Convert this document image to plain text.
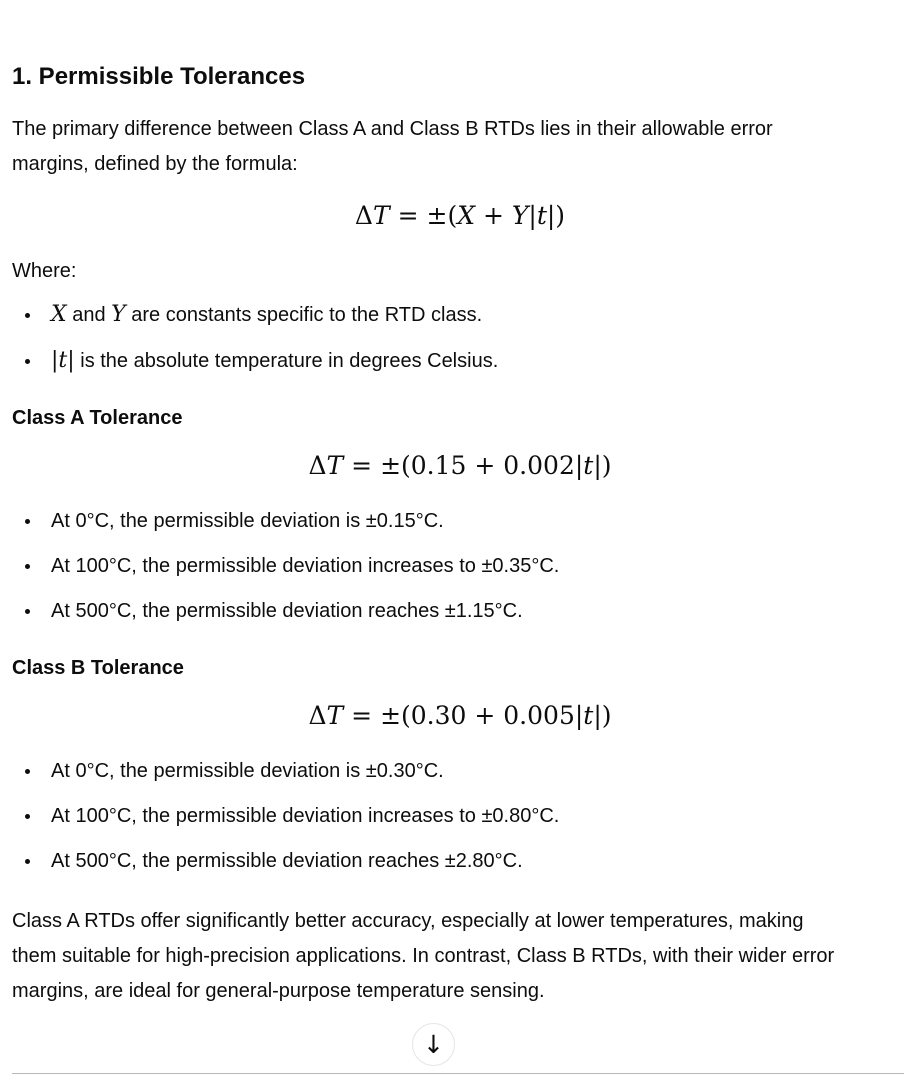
1. Permissible Tolerances

The primary difference between Class A and Class B RTDs lies in their allowable error
margins, defined by the formula:

ΔT = ±(X + Y|t|)

Where:

• X and Y are constants specific to the RTD class.
• |t| is the absolute temperature in degrees Celsius.
Class A Tolerance
ΔT = ±(0.15 + 0.002|t|)
• At 0°C, the permissible deviation is ±0.15°C.
• At 100°C, the permissible deviation increases to ±0.35°C.
• At 500°C, the permissible deviation reaches ±1.15°C.
Class B Tolerance
ΔT = ±(0.30 + 0.005|t|)
• At 0°C, the permissible deviation is ±0.30°C.
• At 100°C, the permissible deviation increases to ±0.80°C.
• At 500°C, the permissible deviation reaches ±2.80°C.

Class A RTDs offer significantly better accuracy, especially at lower temperatures, making
them suitable for high-precision applications. In contrast, Class B RTDs, with their wider error
margins, are ideal for general-purpose temperature sensing.

↓
